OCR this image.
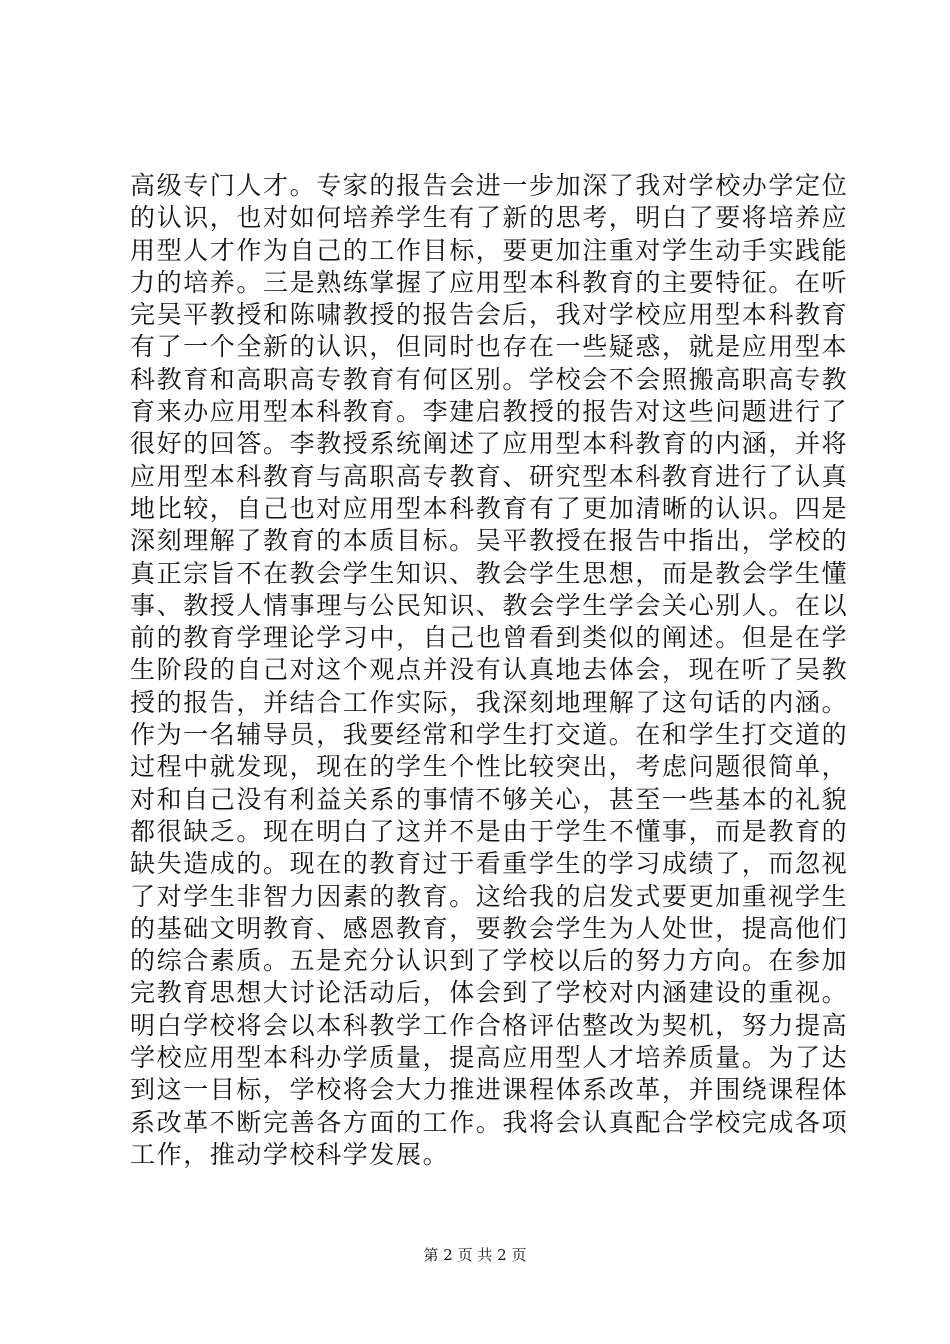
高级专门人才。专家的报告会进一步加深了我对学校办学定位
的认识，也对如何培养学生有了新的思考，明白了要将培养应
用型人才作为自己的工作目标，要更加注重对学生动手实践能
力的培养。三是熟练掌握了应用型本科教育的主要特征。在听
完吴平教授和陈啸教授的报告会后，我对学校应用型本科教育
有了一个全新的认识，但同时也存在一些疑惑，就是应用型本
科教育和高职高专教育有何区别。学校会不会照搬高职高专教
育来办应用型本科教育。李建启教授的报告对这些问题进行了
很好的回答。李教授系统阐述了应用型本科教育的内涵，并将
应用型本科教育与高职高专教育、研究型本科教育进行了认真
地比较，自己也对应用型本科教育有了更加清晰的认识。四是
深刻理解了教育的本质目标。吴平教授在报告中指出，学校的
真正宗旨不在教会学生知识、教会学生思想，而是教会学生懂
事、教授人情事理与公民知识、教会学生学会关心别人。在以
前的教育学理论学习中，自己也曾看到类似的阐述。但是在学
生阶段的自己对这个观点并没有认真地去体会，现在听了吴教
授的报告，并结合工作实际，我深刻地理解了这句话的内涵。
作为一名辅导员，我要经常和学生打交道。在和学生打交道的
过程中就发现，现在的学生个性比较突出，考虑问题很简单，
对和自己没有利益关系的事情不够关心，甚至一些基本的礼貌
都很缺乏。现在明白了这并不是由于学生不懂事，而是教育的
缺失造成的。现在的教育过于看重学生的学习成绩了，而忽视
了对学生非智力因素的教育。这给我的启发式要更加重视学生
的基础文明教育、感恩教育，要教会学生为人处世，提高他们
的综合素质。五是充分认识到了学校以后的努力方向。在参加
完教育思想大讨论活动后，体会到了学校对内涵建设的重视。
明白学校将会以本科教学工作合格评估整改为契机，努力提高
学校应用型本科办学质量，提高应用型人才培养质量。为了达
到这一目标，学校将会大力推进课程体系改革，并围绕课程体
系改革不断完善各方面的工作。我将会认真配合学校完成各项
工作，推动学校科学发展。
第 2 页 共 2 页
